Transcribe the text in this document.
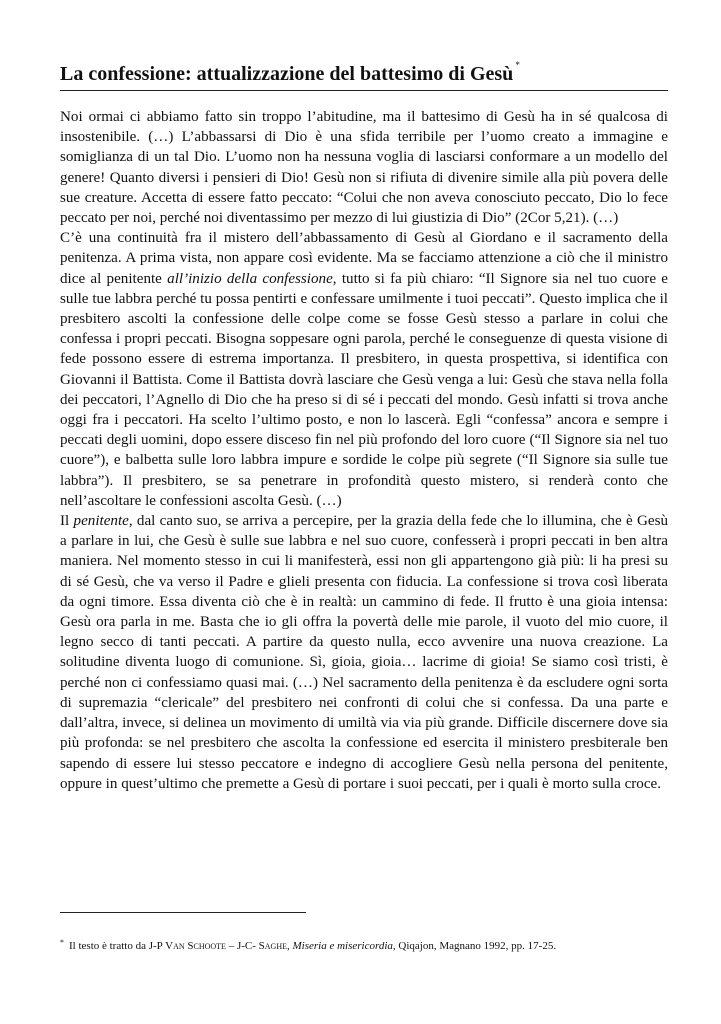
La confessione: attualizzazione del battesimo di Gesù *

Noi ormai ci abbiamo fatto sin troppo l’abitudine, ma il battesimo di Gesù ha in sé qualcosa di insostenibile. (…) L’abbassarsi di Dio è una sfida terribile per l’uomo creato a immagine e somiglianza di un tal Dio. L’uomo non ha nessuna voglia di lasciarsi conformare a un modello del genere! Quanto diversi i pensieri di Dio! Gesù non si rifiuta di divenire simile alla più povera delle sue creature. Accetta di essere fatto peccato: “Colui che non aveva conosciuto peccato, Dio lo fece peccato per noi, perché noi diventassimo per mezzo di lui giustizia di Dio” (2Cor 5,21). (…)

C’è una continuità fra il mistero dell’abbassamento di Gesù al Giordano e il sacramento della penitenza. A prima vista, non appare così evidente. Ma se facciamo attenzione a ciò che il ministro dice al penitente all’inizio della confessione, tutto si fa più chiaro: “Il Signore sia nel tuo cuore e sulle tue labbra perché tu possa pentirti e confessare umilmente i tuoi peccati”. Questo implica che il presbitero ascolti la confessione delle colpe come se fosse Gesù stesso a parlare in colui che confessa i propri peccati. Bisogna soppesare ogni parola, perché le conseguenze di questa visione di fede possono essere di estrema importanza. Il presbitero, in questa prospettiva, si identifica con Giovanni il Battista. Come il Battista dovrà lasciare che Gesù venga a lui: Gesù che stava nella folla dei peccatori, l’Agnello di Dio che ha preso si di sé i peccati del mondo. Gesù infatti si trova anche oggi fra i peccatori. Ha scelto l’ultimo posto, e non lo lascerà. Egli “confessa” ancora e sempre i peccati degli uomini, dopo essere disceso fin nel più profondo del loro cuore (“Il Signore sia nel tuo cuore”), e balbetta sulle loro labbra impure e sordide le colpe più segrete (“Il Signore sia sulle tue labbra”). Il presbitero, se sa penetrare in profondità questo mistero, si renderà conto che nell’ascoltare le confessioni ascolta Gesù. (…)

Il penitente, dal canto suo, se arriva a percepire, per la grazia della fede che lo illumina, che è Gesù a parlare in lui, che Gesù è sulle sue labbra e nel suo cuore, confesserà i propri peccati in ben altra maniera. Nel momento stesso in cui li manifesterà, essi non gli appartengono già più: li ha presi su di sé Gesù, che va verso il Padre e glieli presenta con fiducia. La confessione si trova così liberata da ogni timore. Essa diventa ciò che è in realtà: un cammino di fede. Il frutto è una gioia intensa: Gesù ora parla in me. Basta che io gli offra la povertà delle mie parole, il vuoto del mio cuore, il legno secco di tanti peccati. A partire da questo nulla, ecco avvenire una nuova creazione. La solitudine diventa luogo di comunione. Sì, gioia, gioia… lacrime di gioia! Se siamo così tristi, è perché non ci confessiamo quasi mai. (…) Nel sacramento della penitenza è da escludere ogni sorta di supremazia “clericale” del presbitero nei confronti di colui che si confessa. Da una parte e dall’altra, invece, si delinea un movimento di umiltà via via più grande. Difficile discernere dove sia più profonda: se nel presbitero che ascolta la confessione ed esercita il ministero presbiterale ben sapendo di essere lui stesso peccatore e indegno di accogliere Gesù nella persona del penitente, oppure in quest’ultimo che premette a Gesù di portare i suoi peccati, per i quali è morto sulla croce.

* Il testo è tratto da J-P Van Schoote – J-C- Saghe, Miseria e misericordia, Qiqajon, Magnano 1992, pp. 17-25.
